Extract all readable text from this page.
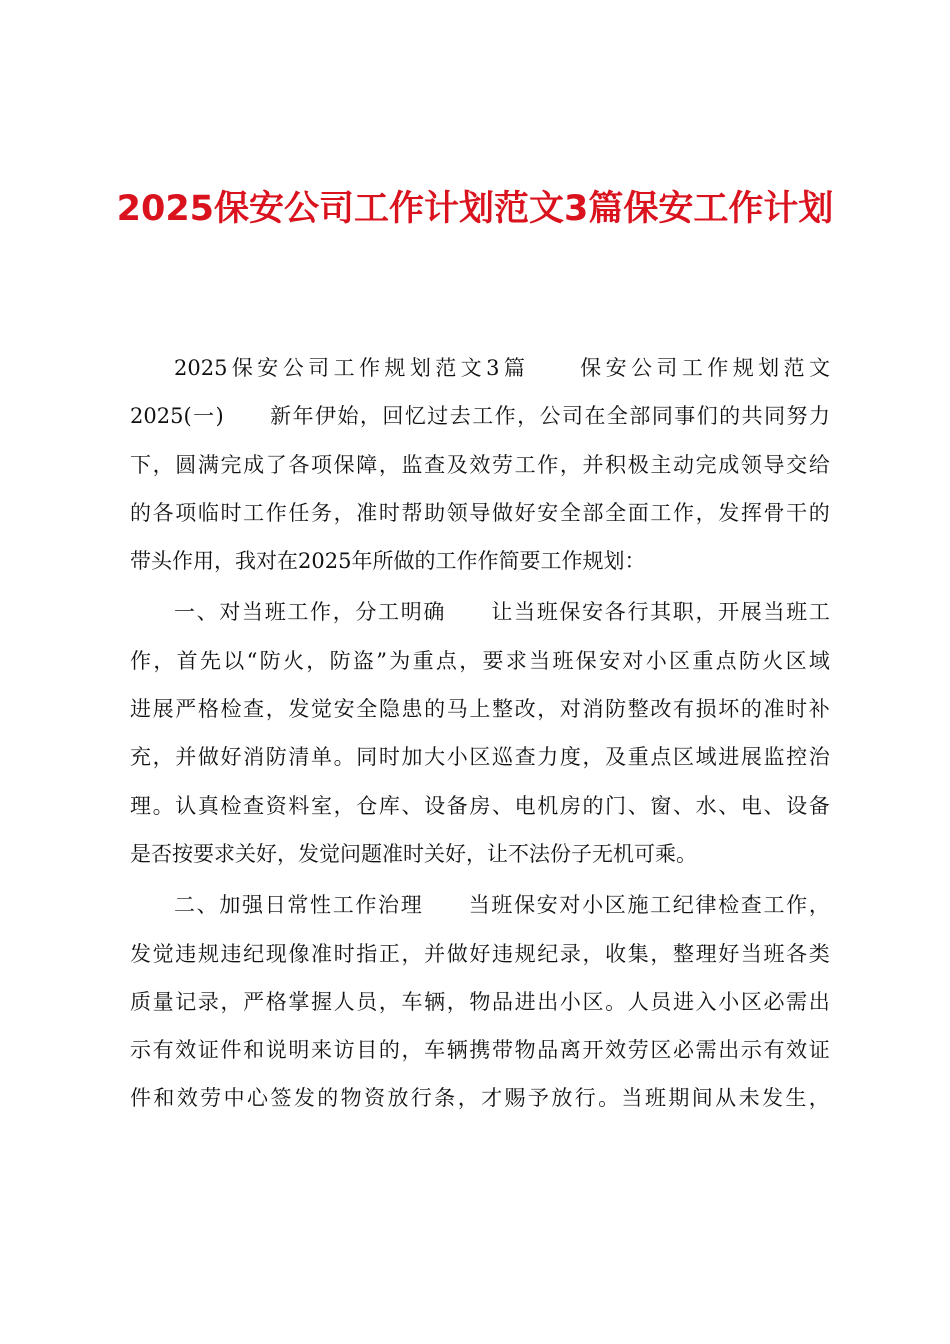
2025保安公司工作计划范文3篇保安工作计划
2025 保 安 公 司 工 作 规 划 范 文 3 篇

　	保 安 公 司 工 作 规 划 范 文
2025( 一 )

　 新 年 伊 始 ， 回 忆 过 去 工 作 ， 公 司 在 全 部 同 事 们 的 共 同 努 力
下 ， 圆 满 完 成 了 各 项 保 障 ， 监 查 及 效 劳 工 作 ， 并 积 极 主 动 完 成 领 导 交 给
的 各 项 临 时 工 作 任 务 ， 准 时 帮 助 领 导 做 好 安 全 部 全 面 工 作 ， 发 挥 骨 干 的
带头作用，我对在2025年所做的工作作简要工作规划：
一 、 对 当 班 工 作 ， 分 工 明 确

　 让 当 班 保 安 各 行 其 职 ， 开 展 当 班 工
作 ， 首 先 以 “ 防 火 ， 防 盗 ” 为 重 点 ， 要 求 当 班 保 安 对 小 区 重 点 防 火 区 域
进 展 严 格 检 查 ， 发 觉 安 全 隐 患 的 马 上 整 改 ， 对 消 防 整 改 有 损 坏 的 准 时 补
充 ， 并 做 好 消 防 清 单 。 同 时 加 大 小 区 巡 查 力 度 ， 及 重 点 区 域 进 展 监 控 治
理 。 认 真 检 查 资 料 室 ， 仓 库 、 设 备 房 、 电 机 房 的 门 、 窗 、 水 、 电 、 设 备
是否按要求关好，发觉问题准时关好，让不法份子无机可乘。
二 、 加 强 日 常 性 工 作 治 理

　 当 班 保 安 对 小 区 施 工 纪 律 检 查 工 作 ，
发 觉 违 规 违 纪 现 像 准 时 指 正 ， 并 做 好 违 规 纪 录 ， 收 集 ， 整 理 好 当 班 各 类
质 量 记 录 ， 严 格 掌 握 人 员 ， 车 辆 ， 物 品 进 出 小 区 。 人 员 进 入 小 区 必 需 出
示 有 效 证 件 和 说 明 来 访 目 的 ， 车 辆 携 带 物 品 离 开 效 劳 区 必 需 出 示 有 效 证
件 和 效 劳 中 心 签 发 的 物 资 放 行 条 ， 才 赐 予 放 行 。 当 班 期 间 从 未 发 生 ，
